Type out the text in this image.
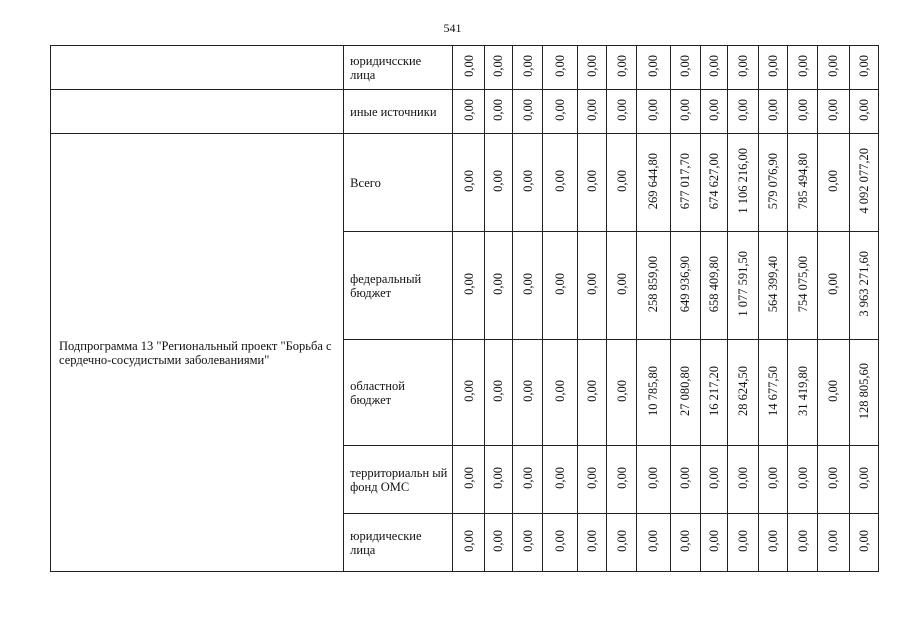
541
	юридичсские лица	0,00	0,00	0,00	0,00	0,00	0,00	0,00	0,00	0,00	0,00	0,00	0,00	0,00	0,00
	иные источники	0,00	0,00	0,00	0,00	0,00	0,00	0,00	0,00	0,00	0,00	0,00	0,00	0,00	0,00
Подпрограмма 13 "Региональный проект "Борьба с сердечно-сосудистыми заболеваниями"	Всего	0,00	0,00	0,00	0,00	0,00	0,00	269 644,80	677 017,70	674 627,00	1 106 216,00	579 076,90	785 494,80	0,00	4 092 077,20
	федеральный бюджет	0,00	0,00	0,00	0,00	0,00	0,00	258 859,00	649 936,90	658 409,80	1 077 591,50	564 399,40	754 075,00	0,00	3 963 271,60
	областной бюджет	0,00	0,00	0,00	0,00	0,00	0,00	10 785,80	27 080,80	16 217,20	28 624,50	14 677,50	31 419,80	0,00	128 805,60
	территориальн ый фонд ОМС	0,00	0,00	0,00	0,00	0,00	0,00	0,00	0,00	0,00	0,00	0,00	0,00	0,00	0,00
	юридические лица	0,00	0,00	0,00	0,00	0,00	0,00	0,00	0,00	0,00	0,00	0,00	0,00	0,00	0,00
